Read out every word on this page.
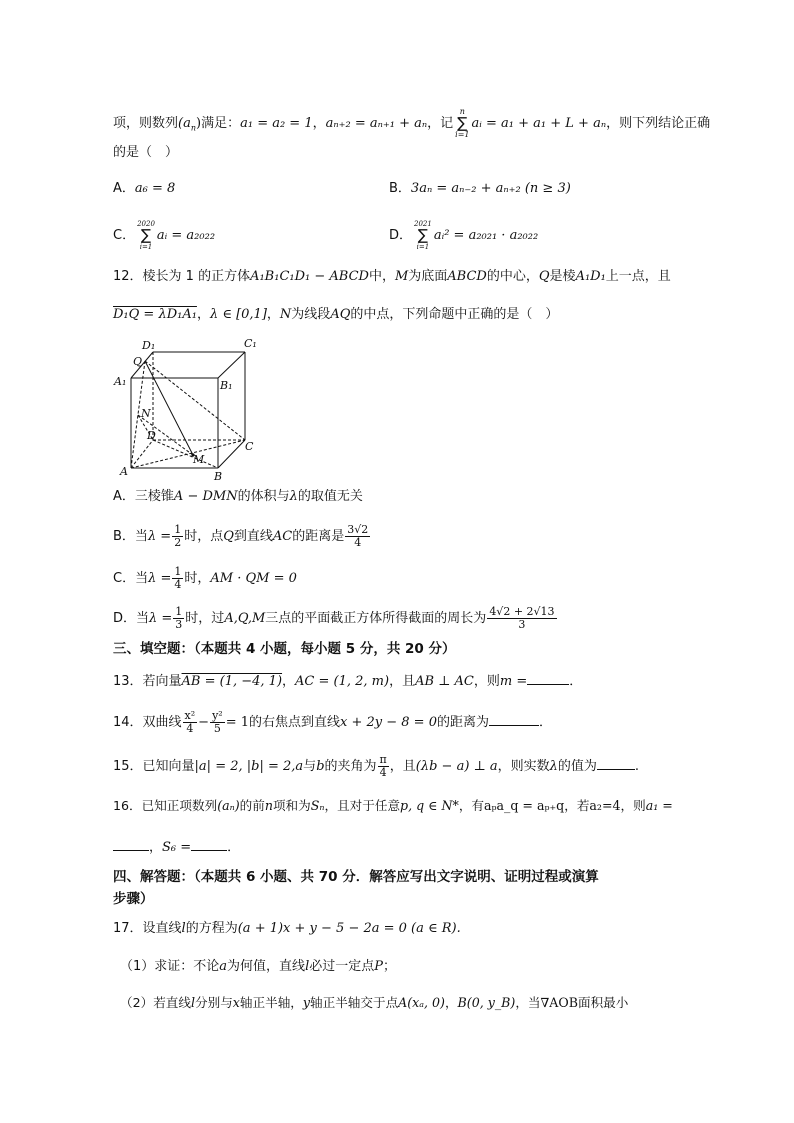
项，则数列$(a_n)$满足：a₁ = a₂ = 1，aₙ₊₂ = aₙ₊₁ + aₙ，记
n
∑
i=1
aᵢ = a₁ + a₁ + L + aₙ，则下列结论正确
的是（　）
A．a₆ = 8	B．3aₙ = aₙ₋₂ + aₙ₊₂ (n ≥ 3)
C．
2020
∑
i=1
aᵢ = a₂₀₂₂	D．
2021
∑
i=1
aᵢ² = a₂₀₂₁ · a₂₀₂₂
12．棱长为 1 的正方体A₁B₁C₁D₁ − ABCD中，M为底面ABCD的中心，Q是棱A₁D₁上一点，且
D₁Q = λD₁A₁，λ ∈ [0,1]，N为线段AQ的中点，下列命题中正确的是（　）
D₁	C₁
Q
A₁	B₁
N
D
C
M
A	B
A．三棱锥A − DMN的体积与λ的取值无关
B．当$\lambda = \frac{1}{2}$ 时，点Q到直线AC的距离是 $\frac{3√2}{4}$
C．当$\lambda = \frac{1}{4}$ 时，AM · QM = 0
D．当$\lambda = \frac{1}{3}$ 时，过A,Q,M三点的平面截正方体所得截面的周长为 $\frac{4√2 + 2√13}{3}$
三、填空题：（本题共 4 小题，每小题 5 分，共 20 分）
13．若向量AB = (1, −4, 1)，AC = (1, 2, m)，且AB ⊥ AC，则m =	．
14．双曲线 $\frac{\text{x²}}{4} - \frac{\text{y²}}{5} = 1$的右焦点到直线x + 2y − 8 = 0的距离为	．
15．已知向量|a| = 2, |b| = 2,a与b的夹角为 $\frac{\pi}{4}$ ，且(λb − a) ⊥ a，则实数λ的值为	.
16．已知正项数列(aₙ)的前n项和为Sₙ，且对于任意p, q ∈ N*，有aₚa_q = aₚ₊q，若a₂=4，则a₁ =
，S₆ =	．
四、解答题：（本题共 6 小题、共 70 分．解答应写出文字说明、证明过程或演算
步骤）
17．设直线l的方程为(a + 1)x + y − 5 − 2a = 0 (a ∈ R).
（1）求证：不论a为何值，直线l必过一定点P；
（2）若直线l分别与x轴正半轴，y轴正半轴交于点A(xₐ, 0)，B(0, y_B)，当∇AOB面积最小
